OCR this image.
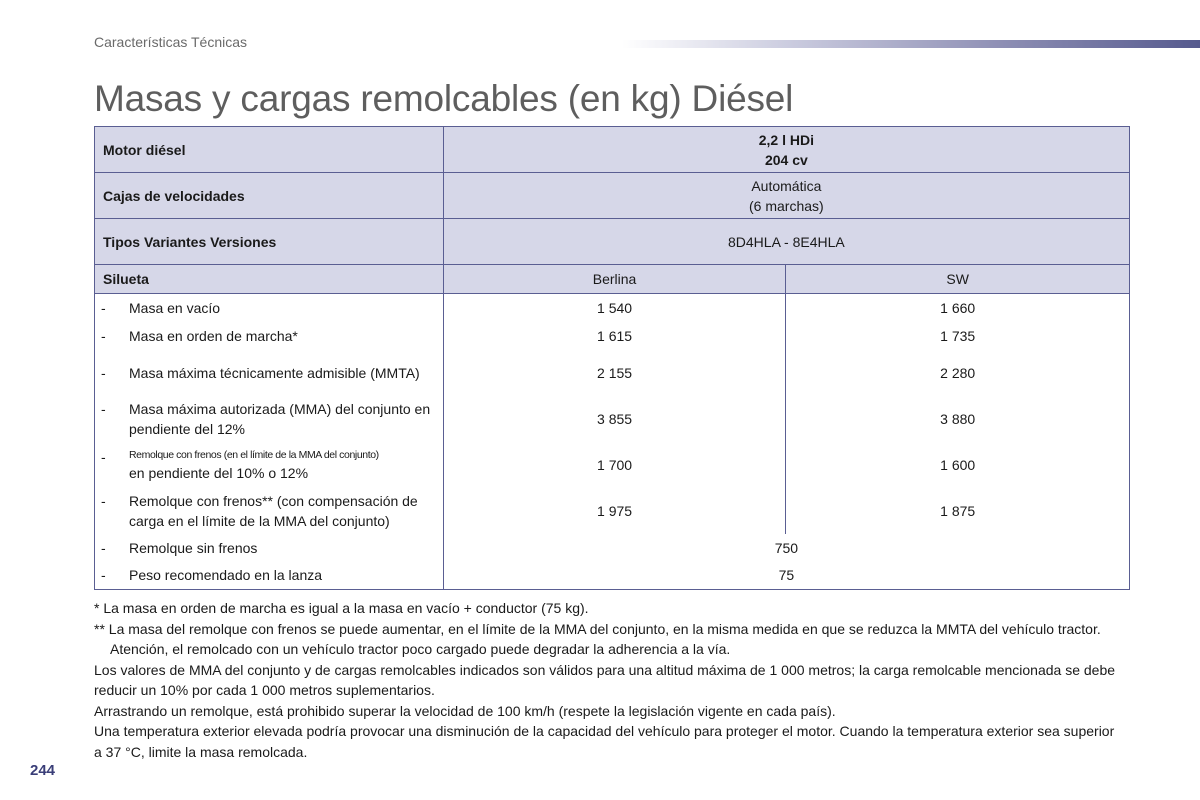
Características Técnicas
Masas y cargas remolcables (en kg) Diésel
Motor diésel	2,2 l HDi
204 cv	

Cajas de velocidades	Automática
(6 marchas)	

Tipos Variantes Versiones	8D4HLA - 8E4HLA	
Silueta	Berlina	SW

- Masa en vacío	1 540	1 660

- Masa en orden de marcha*	1 615	1 735

- Masa máxima técnicamente admisible (MMTA)	2 155	2 280

- Masa máxima autorizada (MMA) del conjunto en pendiente del 12%	3 855	3 880

- Remolque con frenos (en el límite de la MMA del conjunto)
en pendiente del 10% o 12%	1 700	1 600

- Remolque con frenos** (con compensación de carga en el límite de la MMA del conjunto)	1 975	1 875

- Remolque sin frenos	750	

- Peso recomendado en la lanza	75	

* La masa en orden de marcha es igual a la masa en vacío + conductor (75 kg).

** La masa del remolque con frenos se puede aumentar, en el límite de la MMA del conjunto, en la misma medida en que se reduzca la MMTA del vehículo tractor. Atención, el remolcado con un vehículo tractor poco cargado puede degradar la adherencia a la vía.

Los valores de MMA del conjunto y de cargas remolcables indicados son válidos para una altitud máxima de 1 000 metros; la carga remolcable mencionada se debe reducir un 10% por cada 1 000 metros suplementarios.

Arrastrando un remolque, está prohibido superar la velocidad de 100 km/h (respete la legislación vigente en cada país).

Una temperatura exterior elevada podría provocar una disminución de la capacidad del vehículo para proteger el motor. Cuando la temperatura exterior sea superior a 37 °C, limite la masa remolcada.

244
